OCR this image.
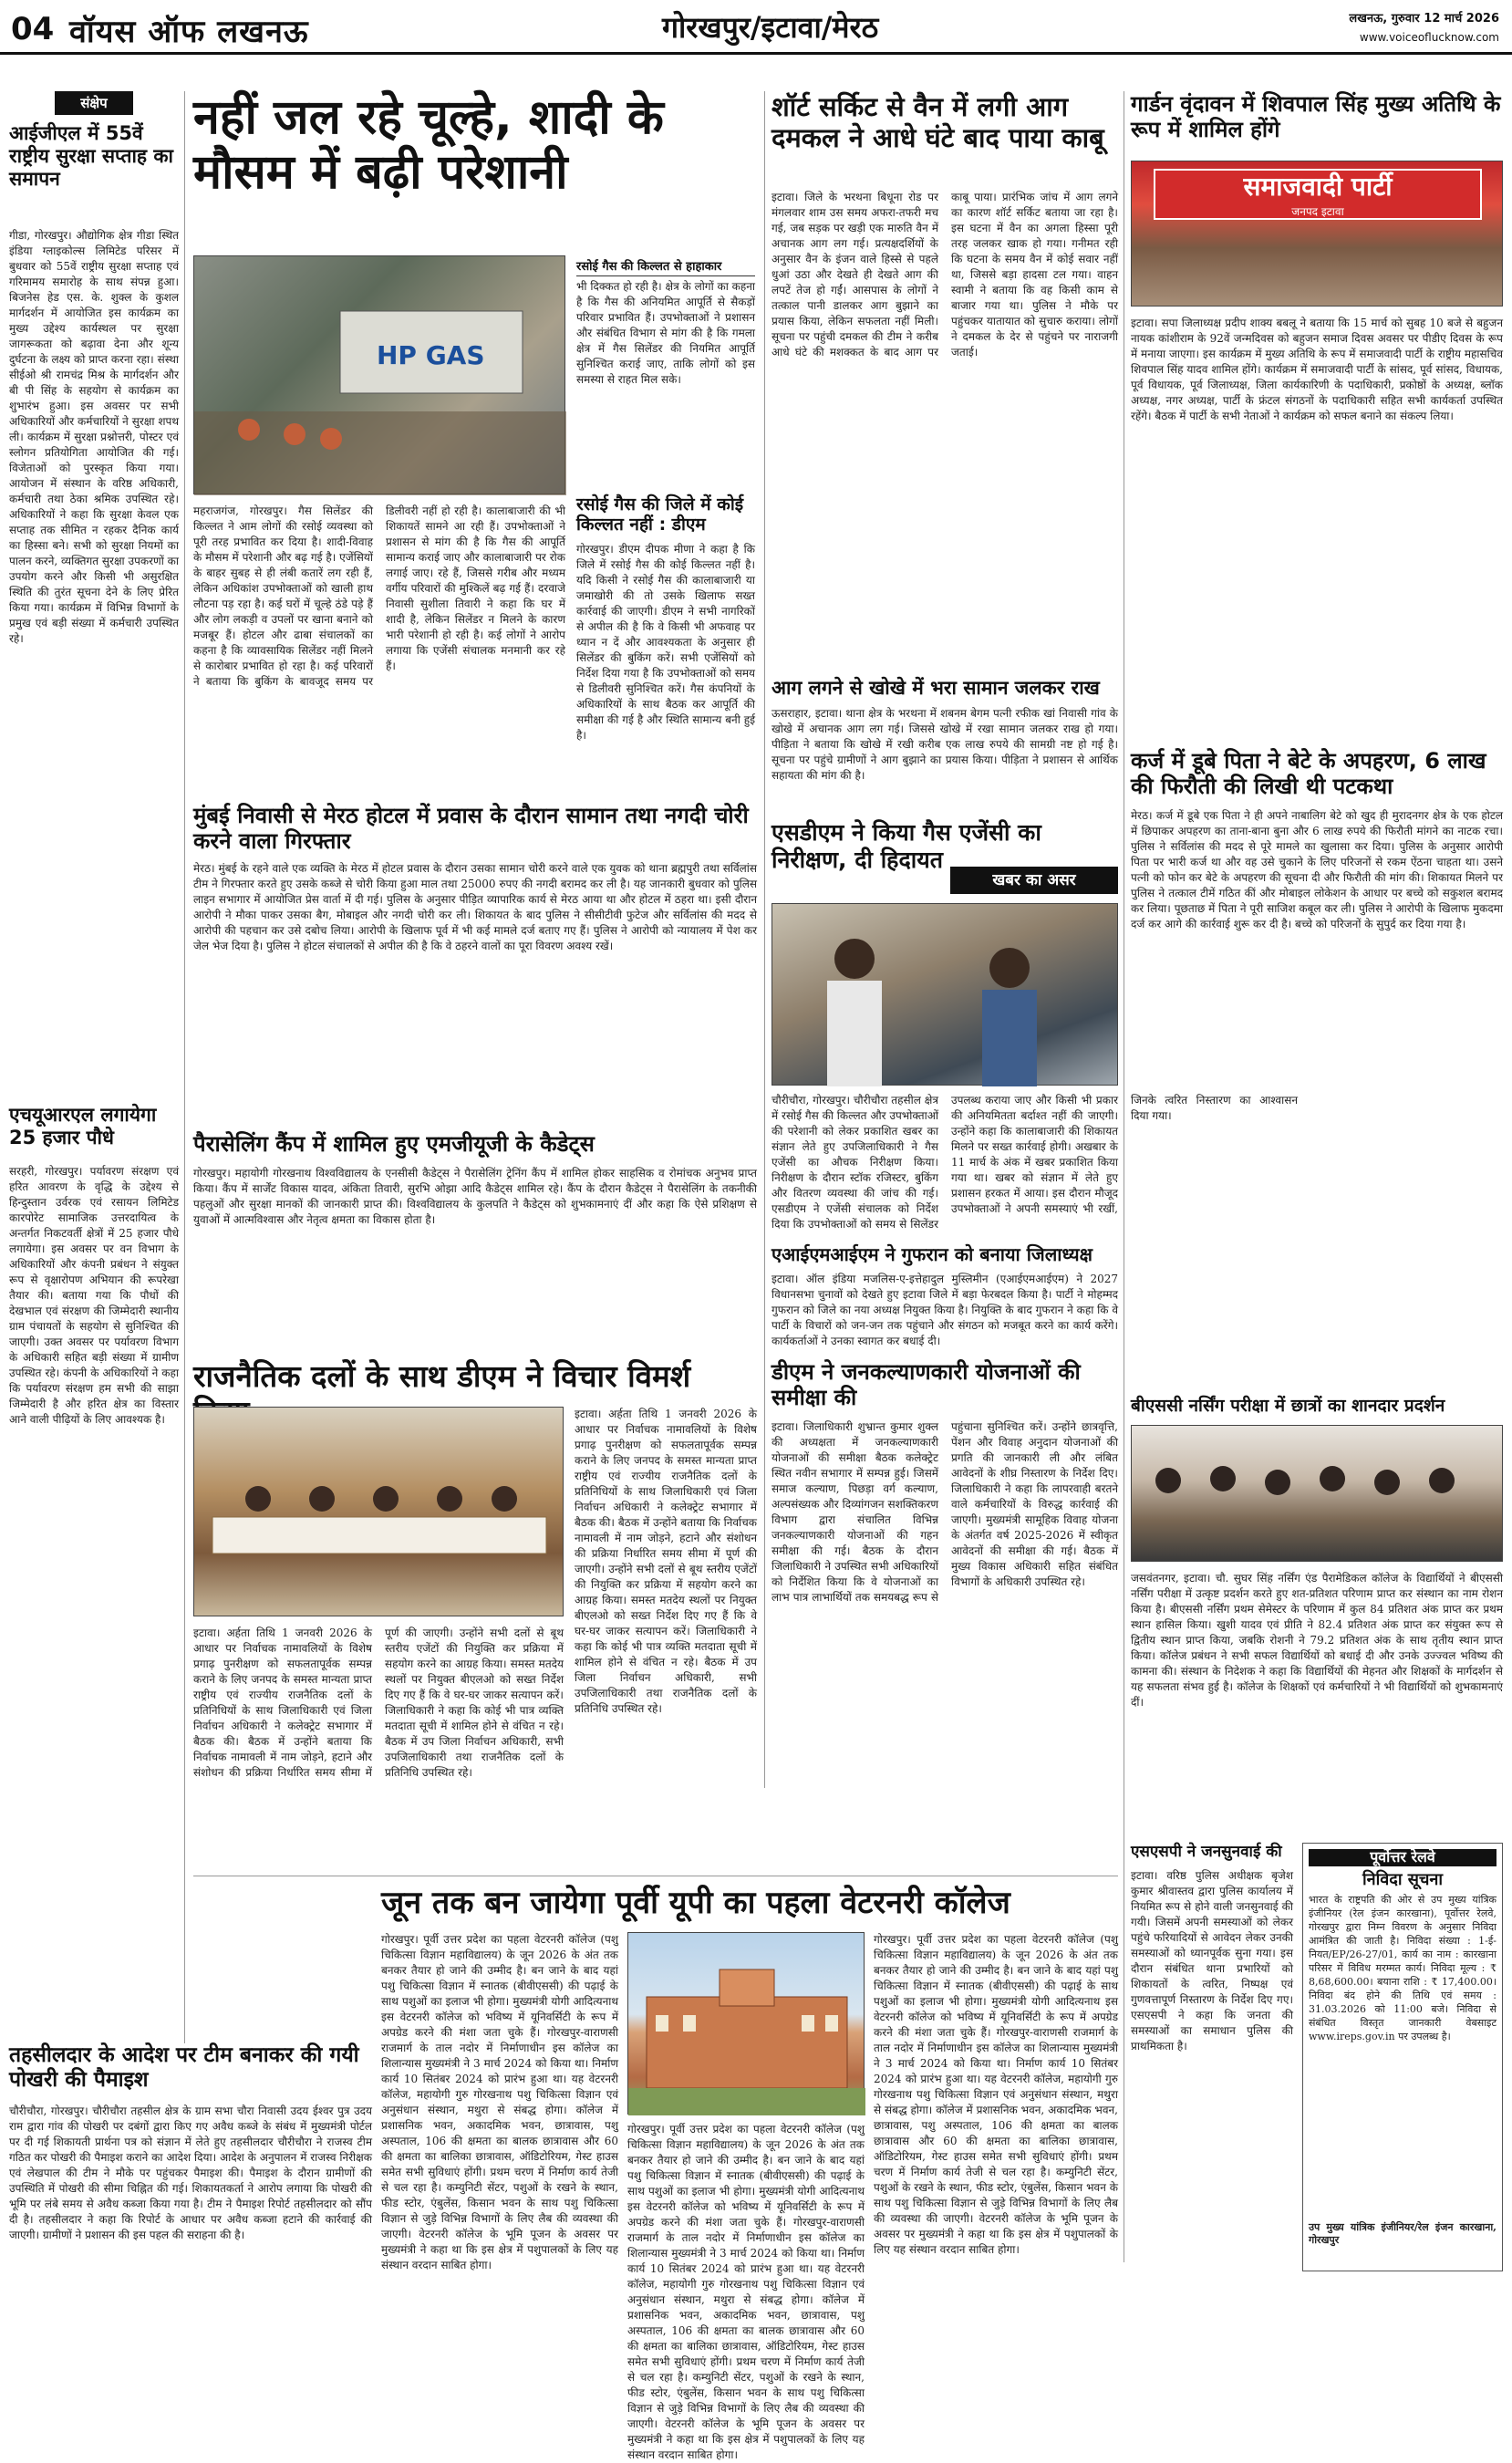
04 वॉयस ऑफ लखनऊ	गोरखपुर/इटावा/मेरठ	लखनऊ, गुरुवार 12 मार्च 2026
www.voiceoflucknow.com
संक्षेप
आईजीएल में 55वें राष्ट्रीय सुरक्षा सप्ताह का समापन
गीडा, गोरखपुर। औद्योगिक क्षेत्र गीडा स्थित इंडिया ग्लाइकोल्स लिमिटेड परिसर में बुधवार को 55वें राष्ट्रीय सुरक्षा सप्ताह एवं गरिमामय समारोह के साथ संपन्न हुआ। बिजनेस हेड एस. के. शुक्ल के कुशल मार्गदर्शन में आयोजित इस कार्यक्रम का मुख्य उद्देश्य कार्यस्थल पर सुरक्षा जागरूकता को बढ़ावा देना और शून्य दुर्घटना के लक्ष्य को प्राप्त करना रहा। संस्था सीईओ श्री रामचंद्र मिश्र के मार्गदर्शन और बी पी सिंह के सहयोग से कार्यक्रम का शुभारंभ हुआ। इस अवसर पर सभी अधिकारियों और कर्मचारियों ने सुरक्षा शपथ ली। कार्यक्रम में सुरक्षा प्रश्नोत्तरी, पोस्टर एवं स्लोगन प्रतियोगिता आयोजित की गई। विजेताओं को पुरस्कृत किया गया। आयोजन में संस्थान के वरिष्ठ अधिकारी, कर्मचारी तथा ठेका श्रमिक उपस्थित रहे। अधिकारियों ने कहा कि सुरक्षा केवल एक सप्ताह तक सीमित न रहकर दैनिक कार्य का हिस्सा बने। सभी को सुरक्षा नियमों का पालन करने, व्यक्तिगत सुरक्षा उपकरणों का उपयोग करने और किसी भी असुरक्षित स्थिति की तुरंत सूचना देने के लिए प्रेरित किया गया। कार्यक्रम में विभिन्न विभागों के प्रमुख एवं बड़ी संख्या में कर्मचारी उपस्थित रहे।
एचयूआरएल लगायेगा 25 हजार पौधे
सरहरी, गोरखपुर। पर्यावरण संरक्षण एवं हरित आवरण के वृद्धि के उद्देश्य से हिन्दुस्तान उर्वरक एवं रसायन लिमिटेड कारपोरेट सामाजिक उत्तरदायित्व के अन्तर्गत निकटवर्ती क्षेत्रों में 25 हजार पौधे लगायेगा। इस अवसर पर वन विभाग के अधिकारियों और कंपनी प्रबंधन ने संयुक्त रूप से वृक्षारोपण अभियान की रूपरेखा तैयार की। बताया गया कि पौधों की देखभाल एवं संरक्षण की जिम्मेदारी स्थानीय ग्राम पंचायतों के सहयोग से सुनिश्चित की जाएगी। उक्त अवसर पर पर्यावरण विभाग के अधिकारी सहित बड़ी संख्या में ग्रामीण उपस्थित रहे। कंपनी के अधिकारियों ने कहा कि पर्यावरण संरक्षण हम सभी की साझा जिम्मेदारी है और हरित क्षेत्र का विस्तार आने वाली पीढ़ियों के लिए आवश्यक है।
नहीं जल रहे चूल्हे, शादी के मौसम में बढ़ी परेशानी
HP GAS
रसोई गैस की किल्लत से हाहाकार
भी दिक्कत हो रही है। क्षेत्र के लोगों का कहना है कि गैस की अनियमित आपूर्ति से सैकड़ों परिवार प्रभावित हैं। उपभोक्ताओं ने प्रशासन और संबंधित विभाग से मांग की है कि गमला क्षेत्र में गैस सिलेंडर की नियमित आपूर्ति सुनिश्चित कराई जाए, ताकि लोगों को इस समस्या से राहत मिल सके।
रसोई गैस की जिले में कोई किल्लत नहीं : डीएम
गोरखपुर। डीएम दीपक मीणा ने कहा है कि जिले में रसोई गैस की कोई किल्लत नहीं है। यदि किसी ने रसोई गैस की कालाबाजारी या जमाखोरी की तो उसके खिलाफ सख्त कार्रवाई की जाएगी। डीएम ने सभी नागरिकों से अपील की है कि वे किसी भी अफवाह पर ध्यान न दें और आवश्यकता के अनुसार ही सिलेंडर की बुकिंग करें। सभी एजेंसियों को निर्देश दिया गया है कि उपभोक्ताओं को समय से डिलीवरी सुनिश्चित करें। गैस कंपनियों के अधिकारियों के साथ बैठक कर आपूर्ति की समीक्षा की गई है और स्थिति सामान्य बनी हुई है।
महराजगंज, गोरखपुर। गैस सिलेंडर की किल्लत ने आम लोगों की रसोई व्यवस्था को पूरी तरह प्रभावित कर दिया है। शादी-विवाह के मौसम में परेशानी और बढ़ गई है। एजेंसियों के बाहर सुबह से ही लंबी कतारें लग रही हैं, लेकिन अधिकांश उपभोक्ताओं को खाली हाथ लौटना पड़ रहा है। कई घरों में चूल्हे ठंडे पड़े हैं और लोग लकड़ी व उपलों पर खाना बनाने को मजबूर हैं। होटल और ढाबा संचालकों का कहना है कि व्यावसायिक सिलेंडर नहीं मिलने से कारोबार प्रभावित हो रहा है। कई परिवारों ने बताया कि बुकिंग के बावजूद समय पर डिलीवरी नहीं हो रही है। कालाबाजारी की भी शिकायतें सामने आ रही हैं। उपभोक्ताओं ने प्रशासन से मांग की है कि गैस की आपूर्ति सामान्य कराई जाए और कालाबाजारी पर रोक लगाई जाए। रहे हैं, जिससे गरीब और मध्यम वर्गीय परिवारों की मुश्किलें बढ़ गई हैं। दरवाजे निवासी सुशीला तिवारी ने कहा कि घर में शादी है, लेकिन सिलेंडर न मिलने के कारण भारी परेशानी हो रही है। कई लोगों ने आरोप लगाया कि एजेंसी संचालक मनमानी कर रहे हैं।
मुंबई निवासी से मेरठ होटल में प्रवास के दौरान सामान तथा नगदी चोरी करने वाला गिरफ्तार
मेरठ। मुंबई के रहने वाले एक व्यक्ति के मेरठ में होटल प्रवास के दौरान उसका सामान चोरी करने वाले एक युवक को थाना ब्रह्मपुरी तथा सर्विलांस टीम ने गिरफ्तार करते हुए उसके कब्जे से चोरी किया हुआ माल तथा 25000 रुपए की नगदी बरामद कर ली है। यह जानकारी बुधवार को पुलिस लाइन सभागार में आयोजित प्रेस वार्ता में दी गई। पुलिस के अनुसार पीड़ित व्यापारिक कार्य से मेरठ आया था और होटल में ठहरा था। इसी दौरान आरोपी ने मौका पाकर उसका बैग, मोबाइल और नगदी चोरी कर ली। शिकायत के बाद पुलिस ने सीसीटीवी फुटेज और सर्विलांस की मदद से आरोपी की पहचान कर उसे दबोच लिया। आरोपी के खिलाफ पूर्व में भी कई मामले दर्ज बताए गए हैं। पुलिस ने आरोपी को न्यायालय में पेश कर जेल भेज दिया है। पुलिस ने होटल संचालकों से अपील की है कि वे ठहरने वालों का पूरा विवरण अवश्य रखें।
पैरासेलिंग कैंप में शामिल हुए एमजीयूजी के कैडेट्स
गोरखपुर। महायोगी गोरखनाथ विश्वविद्यालय के एनसीसी कैडेट्स ने पैरासेलिंग ट्रेनिंग कैंप में शामिल होकर साहसिक व रोमांचक अनुभव प्राप्त किया। कैंप में सार्जेंट विकास यादव, अंकिता तिवारी, सुरभि ओझा आदि कैडेट्स शामिल रहे। कैंप के दौरान कैडेट्स ने पैरासेलिंग के तकनीकी पहलुओं और सुरक्षा मानकों की जानकारी प्राप्त की। विश्वविद्यालय के कुलपति ने कैडेट्स को शुभकामनाएं दीं और कहा कि ऐसे प्रशिक्षण से युवाओं में आत्मविश्वास और नेतृत्व क्षमता का विकास होता है।
राजनैतिक दलों के साथ डीएम ने विचार विमर्श
इटावा। अर्हता तिथि 1 जनवरी 2026 के आधार पर निर्वाचक नामावलियों के विशेष प्रगाढ़ पुनरीक्षण को सफलतापूर्वक सम्पन्न कराने के लिए जनपद के समस्त मान्यता प्राप्त राष्ट्रीय एवं राज्यीय राजनैतिक दलों के प्रतिनिधियों के साथ जिलाधिकारी एवं जिला निर्वाचन अधिकारी ने कलेक्ट्रेट सभागार में बैठक की। बैठक में उन्होंने बताया कि निर्वाचक नामावली में नाम जोड़ने, हटाने और संशोधन की प्रक्रिया निर्धारित समय सीमा में पूर्ण की जाएगी। उन्होंने सभी दलों से बूथ स्तरीय एजेंटों की नियुक्ति कर प्रक्रिया में सहयोग करने का आग्रह किया। समस्त मतदेय स्थलों पर नियुक्त बीएलओ को सख्त निर्देश दिए गए हैं कि वे घर-घर जाकर सत्यापन करें। जिलाधिकारी ने कहा कि कोई भी पात्र व्यक्ति मतदाता सूची में शामिल होने से वंचित न रहे। बैठक में उप जिला निर्वाचन अधिकारी, सभी उपजिलाधिकारी तथा राजनैतिक दलों के प्रतिनिधि उपस्थित रहे।
इटावा। अर्हता तिथि 1 जनवरी 2026 के आधार पर निर्वाचक नामावलियों के विशेष प्रगाढ़ पुनरीक्षण को सफलतापूर्वक सम्पन्न कराने के लिए जनपद के समस्त मान्यता प्राप्त राष्ट्रीय एवं राज्यीय राजनैतिक दलों के प्रतिनिधियों के साथ जिलाधिकारी एवं जिला निर्वाचन अधिकारी ने कलेक्ट्रेट सभागार में बैठक की। बैठक में उन्होंने बताया कि निर्वाचक नामावली में नाम जोड़ने, हटाने और संशोधन की प्रक्रिया निर्धारित समय सीमा में पूर्ण की जाएगी। उन्होंने सभी दलों से बूथ स्तरीय एजेंटों की नियुक्ति कर प्रक्रिया में सहयोग करने का आग्रह किया। समस्त मतदेय स्थलों पर नियुक्त बीएलओ को सख्त निर्देश दिए गए हैं कि वे घर-घर जाकर सत्यापन करें। जिलाधिकारी ने कहा कि कोई भी पात्र व्यक्ति मतदाता सूची में शामिल होने से वंचित न रहे। बैठक में उप जिला निर्वाचन अधिकारी, सभी उपजिलाधिकारी तथा राजनैतिक दलों के प्रतिनिधि उपस्थित रहे।
शॉर्ट सर्किट से वैन में लगी आग दमकल ने आधे घंटे बाद पाया काबू
इटावा। जिले के भरथना बिधूना रोड पर मंगलवार शाम उस समय अफरा-तफरी मच गई, जब सड़क पर खड़ी एक मारुति वैन में अचानक आग लग गई। प्रत्यक्षदर्शियों के अनुसार वैन के इंजन वाले हिस्से से पहले धुआं उठा और देखते ही देखते आग की लपटें तेज हो गईं। आसपास के लोगों ने तत्काल पानी डालकर आग बुझाने का प्रयास किया, लेकिन सफलता नहीं मिली। सूचना पर पहुंची दमकल की टीम ने करीब आधे घंटे की मशक्कत के बाद आग पर काबू पाया। प्रारंभिक जांच में आग लगने का कारण शॉर्ट सर्किट बताया जा रहा है। इस घटना में वैन का अगला हिस्सा पूरी तरह जलकर खाक हो गया। गनीमत रही कि घटना के समय वैन में कोई सवार नहीं था, जिससे बड़ा हादसा टल गया। वाहन स्वामी ने बताया कि वह किसी काम से बाजार गया था। पुलिस ने मौके पर पहुंचकर यातायात को सुचारु कराया। लोगों ने दमकल के देर से पहुंचने पर नाराजगी जताई।
आग लगने से खोखे में भरा सामान जलकर राख
ऊसराहार, इटावा। थाना क्षेत्र के भरथना में शबनम बेगम पत्नी रफीक खां निवासी गांव के खोखे में अचानक आग लग गई। जिससे खोखे में रखा सामान जलकर राख हो गया। पीड़िता ने बताया कि खोखे में रखी करीब एक लाख रुपये की सामग्री नष्ट हो गई है। सूचना पर पहुंचे ग्रामीणों ने आग बुझाने का प्रयास किया। पीड़िता ने प्रशासन से आर्थिक सहायता की मांग की है।
एसडीएम ने किया गैस एजेंसी का निरीक्षण, दी हिदायत
चौरीचौरा, गोरखपुर। चौरीचौरा तहसील क्षेत्र में रसोई गैस की किल्लत और उपभोक्ताओं की परेशानी को लेकर प्रकाशित खबर का संज्ञान लेते हुए उपजिलाधिकारी ने गैस एजेंसी का औचक निरीक्षण किया। निरीक्षण के दौरान स्टॉक रजिस्टर, बुकिंग और वितरण व्यवस्था की जांच की गई। एसडीएम ने एजेंसी संचालक को निर्देश दिया कि उपभोक्ताओं को समय से सिलेंडर उपलब्ध कराया जाए और किसी भी प्रकार की अनियमितता बर्दाश्त नहीं की जाएगी। उन्होंने कहा कि कालाबाजारी की शिकायत मिलने पर सख्त कार्रवाई होगी। अखबार के 11 मार्च के अंक में खबर प्रकाशित किया गया था। खबर को संज्ञान में लेते हुए प्रशासन हरकत में आया। इस दौरान मौजूद उपभोक्ताओं ने अपनी समस्याएं भी रखीं, जिनके त्वरित निस्तारण का आश्वासन दिया गया।
एआईएमआईएम ने गुफरान को बनाया जिलाध्यक्ष
इटावा। ऑल इंडिया मजलिस-ए-इत्तेहादुल मुस्लिमीन (एआईएमआईएम) ने 2027 विधानसभा चुनावों को देखते हुए इटावा जिले में बड़ा फेरबदल किया है। पार्टी ने मोहम्मद गुफरान को जिले का नया अध्यक्ष नियुक्त किया है। नियुक्ति के बाद गुफरान ने कहा कि वे पार्टी के विचारों को जन-जन तक पहुंचाने और संगठन को मजबूत करने का कार्य करेंगे। कार्यकर्ताओं ने उनका स्वागत कर बधाई दी।
खबर का असर
डीएम ने जनकल्याणकारी योजनाओं की समीक्षा की
इटावा। जिलाधिकारी शुभ्रान्त कुमार शुक्ल की अध्यक्षता में जनकल्याणकारी योजनाओं की समीक्षा बैठक कलेक्ट्रेट स्थित नवीन सभागार में सम्पन्न हुई। जिसमें समाज कल्याण, पिछड़ा वर्ग कल्याण, अल्पसंख्यक और दिव्यांगजन सशक्तिकरण विभाग द्वारा संचालित विभिन्न जनकल्याणकारी योजनाओं की गहन समीक्षा की गई। बैठक के दौरान जिलाधिकारी ने उपस्थित सभी अधिकारियों को निर्देशित किया कि वे योजनाओं का लाभ पात्र लाभार्थियों तक समयबद्ध रूप से पहुंचाना सुनिश्चित करें। उन्होंने छात्रवृत्ति, पेंशन और विवाह अनुदान योजनाओं की प्रगति की जानकारी ली और लंबित आवेदनों के शीघ्र निस्तारण के निर्देश दिए। जिलाधिकारी ने कहा कि लापरवाही बरतने वाले कर्मचारियों के विरुद्ध कार्रवाई की जाएगी। मुख्यमंत्री सामूहिक विवाह योजना के अंतर्गत वर्ष 2025-2026 में स्वीकृत आवेदनों की समीक्षा की गई। बैठक में मुख्य विकास अधिकारी सहित संबंधित विभागों के अधिकारी उपस्थित रहे।
गार्डन वृंदावन में शिवपाल सिंह मुख्य अतिथि के रूप में शामिल होंगे
समाजवादी पार्टी
जनपद इटावा
इटावा। सपा जिलाध्यक्ष प्रदीप शाक्य बबलू ने बताया कि 15 मार्च को सुबह 10 बजे से बहुजन नायक कांशीराम के 92वें जन्मदिवस को बहुजन समाज दिवस अवसर पर पीडीए दिवस के रूप में मनाया जाएगा। इस कार्यक्रम में मुख्य अतिथि के रूप में समाजवादी पार्टी के राष्ट्रीय महासचिव शिवपाल सिंह यादव शामिल होंगे। कार्यक्रम में समाजवादी पार्टी के सांसद, पूर्व सांसद, विधायक, पूर्व विधायक, पूर्व जिलाध्यक्ष, जिला कार्यकारिणी के पदाधिकारी, प्रकोष्ठों के अध्यक्ष, ब्लॉक अध्यक्ष, नगर अध्यक्ष, पार्टी के फ्रंटल संगठनों के पदाधिकारी सहित सभी कार्यकर्ता उपस्थित रहेंगे। बैठक में पार्टी के सभी नेताओं ने कार्यक्रम को सफल बनाने का संकल्प लिया।
कर्ज में डूबे पिता ने बेटे के अपहरण, 6 लाख की फिरौती की लिखी थी पटकथा
मेरठ। कर्ज में डूबे एक पिता ने ही अपने नाबालिग बेटे को खुद ही मुरादनगर क्षेत्र के एक होटल में छिपाकर अपहरण का ताना-बाना बुना और 6 लाख रुपये की फिरौती मांगने का नाटक रचा। पुलिस ने सर्विलांस की मदद से पूरे मामले का खुलासा कर दिया। पुलिस के अनुसार आरोपी पिता पर भारी कर्ज था और वह उसे चुकाने के लिए परिजनों से रकम ऐंठना चाहता था। उसने पत्नी को फोन कर बेटे के अपहरण की सूचना दी और फिरौती की मांग की। शिकायत मिलने पर पुलिस ने तत्काल टीमें गठित कीं और मोबाइल लोकेशन के आधार पर बच्चे को सकुशल बरामद कर लिया। पूछताछ में पिता ने पूरी साजिश कबूल कर ली। पुलिस ने आरोपी के खिलाफ मुकदमा दर्ज कर आगे की कार्रवाई शुरू कर दी है। बच्चे को परिजनों के सुपुर्द कर दिया गया है।
बीएससी नर्सिंग परीक्षा में छात्रों का शानदार प्रदर्शन
जसवंतनगर, इटावा। चौ. सुघर सिंह नर्सिंग एंड पैरामेडिकल कॉलेज के विद्यार्थियों ने बीएससी नर्सिंग परीक्षा में उत्कृष्ट प्रदर्शन करते हुए शत-प्रतिशत परिणाम प्राप्त कर संस्थान का नाम रोशन किया है। बीएससी नर्सिंग प्रथम सेमेस्टर के परिणाम में कुल 84 प्रतिशत अंक प्राप्त कर प्रथम स्थान हासिल किया। खुशी यादव एवं प्रीति ने 82.4 प्रतिशत अंक प्राप्त कर संयुक्त रूप से द्वितीय स्थान प्राप्त किया, जबकि रोशनी ने 79.2 प्रतिशत अंक के साथ तृतीय स्थान प्राप्त किया। कॉलेज प्रबंधन ने सभी सफल विद्यार्थियों को बधाई दी और उनके उज्ज्वल भविष्य की कामना की। संस्थान के निदेशक ने कहा कि विद्यार्थियों की मेहनत और शिक्षकों के मार्गदर्शन से यह सफलता संभव हुई है। कॉलेज के शिक्षकों एवं कर्मचारियों ने भी विद्यार्थियों को शुभकामनाएं दीं।
एसएसपी ने जनसुनवाई की
इटावा। वरिष्ठ पुलिस अधीक्षक बृजेश कुमार श्रीवास्तव द्वारा पुलिस कार्यालय में नियमित रूप से होने वाली जनसुनवाई की गयी। जिसमें अपनी समस्याओं को लेकर पहुंचे फरियादियों से आवेदन लेकर उनकी समस्याओं को ध्यानपूर्वक सुना गया। इस दौरान संबंधित थाना प्रभारियों को शिकायतों के त्वरित, निष्पक्ष एवं गुणवत्तापूर्ण निस्तारण के निर्देश दिए गए। एसएसपी ने कहा कि जनता की समस्याओं का समाधान पुलिस की प्राथमिकता है।
पूर्वोत्तर रेलवे
निविदा सूचना
भारत के राष्ट्रपति की ओर से उप मुख्य यांत्रिक इंजीनियर (रेल इंजन कारखाना), पूर्वोत्तर रेलवे, गोरखपुर द्वारा निम्न विवरण के अनुसार निविदा आमंत्रित की जाती है। निविदा संख्या : 1-ई-नियत/EP/26-27/01, कार्य का नाम : कारखाना परिसर में विविध मरम्मत कार्य। निविदा मूल्य : ₹ 8,68,600.00। बयाना राशि : ₹ 17,400.00। निविदा बंद होने की तिथि एवं समय : 31.03.2026 को 11:00 बजे। निविदा से संबंधित विस्तृत जानकारी वेबसाइट www.ireps.gov.in पर उपलब्ध है।
उप मुख्य यांत्रिक इंजीनियर/रेल इंजन कारखाना, गोरखपुर
तहसीलदार के आदेश पर टीम बनाकर की गयी पोखरी की पैमाइश
चौरीचौरा, गोरखपुर। चौरीचौरा तहसील क्षेत्र के ग्राम सभा चौरा निवासी उदय ईश्वर पुत्र उदय राम द्वारा गांव की पोखरी पर दबंगों द्वारा किए गए अवैध कब्जे के संबंध में मुख्यमंत्री पोर्टल पर दी गई शिकायती प्रार्थना पत्र को संज्ञान में लेते हुए तहसीलदार चौरीचौरा ने राजस्व टीम गठित कर पोखरी की पैमाइश कराने का आदेश दिया। आदेश के अनुपालन में राजस्व निरीक्षक एवं लेखपाल की टीम ने मौके पर पहुंचकर पैमाइश की। पैमाइश के दौरान ग्रामीणों की उपस्थिति में पोखरी की सीमा चिह्नित की गई। शिकायतकर्ता ने आरोप लगाया कि पोखरी की भूमि पर लंबे समय से अवैध कब्जा किया गया है। टीम ने पैमाइश रिपोर्ट तहसीलदार को सौंप दी है। तहसीलदार ने कहा कि रिपोर्ट के आधार पर अवैध कब्जा हटाने की कार्रवाई की जाएगी। ग्रामीणों ने प्रशासन की इस पहल की सराहना की है।
जून तक बन जायेगा पूर्वी यूपी का पहला वेटरनरी कॉलेज
गोरखपुर। पूर्वी उत्तर प्रदेश का पहला वेटरनरी कॉलेज (पशु चिकित्सा विज्ञान महाविद्यालय) के जून 2026 के अंत तक बनकर तैयार हो जाने की उम्मीद है। बन जाने के बाद यहां पशु चिकित्सा विज्ञान में स्नातक (बीवीएससी) की पढ़ाई के साथ पशुओं का इलाज भी होगा। मुख्यमंत्री योगी आदित्यनाथ इस वेटरनरी कॉलेज को भविष्य में यूनिवर्सिटी के रूप में अपग्रेड करने की मंशा जता चुके हैं। गोरखपुर-वाराणसी राजमार्ग के ताल नदोर में निर्माणाधीन इस कॉलेज का शिलान्यास मुख्यमंत्री ने 3 मार्च 2024 को किया था। निर्माण कार्य 10 सितंबर 2024 को प्रारंभ हुआ था। यह वेटरनरी कॉलेज, महायोगी गुरु गोरखनाथ पशु चिकित्सा विज्ञान एवं अनुसंधान संस्थान, मथुरा से संबद्ध होगा। कॉलेज में प्रशासनिक भवन, अकादमिक भवन, छात्रावास, पशु अस्पताल, 106 की क्षमता का बालक छात्रावास और 60 की क्षमता का बालिका छात्रावास, ऑडिटोरियम, गेस्ट हाउस समेत सभी सुविधाएं होंगी। प्रथम चरण में निर्माण कार्य तेजी से चल रहा है। कम्युनिटी सेंटर, पशुओं के रखने के स्थान, फीड स्टोर, एंबुलेंस, किसान भवन के साथ पशु चिकित्सा विज्ञान से जुड़े विभिन्न विभागों के लिए लैब की व्यवस्था की जाएगी। वेटरनरी कॉलेज के भूमि पूजन के अवसर पर मुख्यमंत्री ने कहा था कि इस क्षेत्र में पशुपालकों के लिए यह संस्थान वरदान साबित होगा।
गोरखपुर। पूर्वी उत्तर प्रदेश का पहला वेटरनरी कॉलेज (पशु चिकित्सा विज्ञान महाविद्यालय) के जून 2026 के अंत तक बनकर तैयार हो जाने की उम्मीद है। बन जाने के बाद यहां पशु चिकित्सा विज्ञान में स्नातक (बीवीएससी) की पढ़ाई के साथ पशुओं का इलाज भी होगा। मुख्यमंत्री योगी आदित्यनाथ इस वेटरनरी कॉलेज को भविष्य में यूनिवर्सिटी के रूप में अपग्रेड करने की मंशा जता चुके हैं। गोरखपुर-वाराणसी राजमार्ग के ताल नदोर में निर्माणाधीन इस कॉलेज का शिलान्यास मुख्यमंत्री ने 3 मार्च 2024 को किया था। निर्माण कार्य 10 सितंबर 2024 को प्रारंभ हुआ था। यह वेटरनरी कॉलेज, महायोगी गुरु गोरखनाथ पशु चिकित्सा विज्ञान एवं अनुसंधान संस्थान, मथुरा से संबद्ध होगा। कॉलेज में प्रशासनिक भवन, अकादमिक भवन, छात्रावास, पशु अस्पताल, 106 की क्षमता का बालक छात्रावास और 60 की क्षमता का बालिका छात्रावास, ऑडिटोरियम, गेस्ट हाउस समेत सभी सुविधाएं होंगी। प्रथम चरण में निर्माण कार्य तेजी से चल रहा है। कम्युनिटी सेंटर, पशुओं के रखने के स्थान, फीड स्टोर, एंबुलेंस, किसान भवन के साथ पशु चिकित्सा विज्ञान से जुड़े विभिन्न विभागों के लिए लैब की व्यवस्था की जाएगी। वेटरनरी कॉलेज के भूमि पूजन के अवसर पर मुख्यमंत्री ने कहा था कि इस क्षेत्र में पशुपालकों के लिए यह संस्थान वरदान साबित होगा।
गोरखपुर। पूर्वी उत्तर प्रदेश का पहला वेटरनरी कॉलेज (पशु चिकित्सा विज्ञान महाविद्यालय) के जून 2026 के अंत तक बनकर तैयार हो जाने की उम्मीद है। बन जाने के बाद यहां पशु चिकित्सा विज्ञान में स्नातक (बीवीएससी) की पढ़ाई के साथ पशुओं का इलाज भी होगा। मुख्यमंत्री योगी आदित्यनाथ इस वेटरनरी कॉलेज को भविष्य में यूनिवर्सिटी के रूप में अपग्रेड करने की मंशा जता चुके हैं। गोरखपुर-वाराणसी राजमार्ग के ताल नदोर में निर्माणाधीन इस कॉलेज का शिलान्यास मुख्यमंत्री ने 3 मार्च 2024 को किया था। निर्माण कार्य 10 सितंबर 2024 को प्रारंभ हुआ था। यह वेटरनरी कॉलेज, महायोगी गुरु गोरखनाथ पशु चिकित्सा विज्ञान एवं अनुसंधान संस्थान, मथुरा से संबद्ध होगा। कॉलेज में प्रशासनिक भवन, अकादमिक भवन, छात्रावास, पशु अस्पताल, 106 की क्षमता का बालक छात्रावास और 60 की क्षमता का बालिका छात्रावास, ऑडिटोरियम, गेस्ट हाउस समेत सभी सुविधाएं होंगी। प्रथम चरण में निर्माण कार्य तेजी से चल रहा है। कम्युनिटी सेंटर, पशुओं के रखने के स्थान, फीड स्टोर, एंबुलेंस, किसान भवन के साथ पशु चिकित्सा विज्ञान से जुड़े विभिन्न विभागों के लिए लैब की व्यवस्था की जाएगी। वेटरनरी कॉलेज के भूमि पूजन के अवसर पर मुख्यमंत्री ने कहा था कि इस क्षेत्र में पशुपालकों के लिए यह संस्थान वरदान साबित होगा।
